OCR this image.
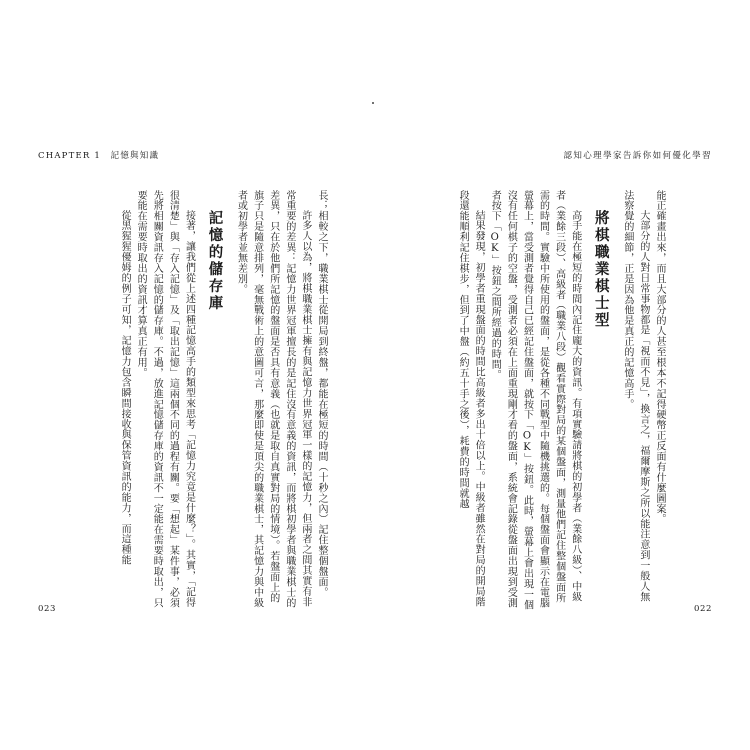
CHAPTER 1　記憶與知識	認知心理學家告訴你如何優化學習

能正確畫出來，而且大部分的人甚至根本不記得硬幣正反面有什麼圖案。

大部分的人對日常事物都是「視而不見」，換言之，福爾摩斯之所以能注意到一般人無法察覺的細節，正是因為他是真正的記憶高手。

將棋職業棋士型

高手能在極短的時間內記住龐大的資訊。有項實驗請將棋的初學者（業餘八級）、中級者（業餘三段）、高級者（職業八段）觀看實際對局的某個盤面，測量他們記住整個盤面所需的時間。實驗中所使用的盤面，是從各種不同戰型中隨機挑選的。每個盤面會顯示在電腦螢幕上，當受測者覺得自己已經記住盤面，就按下「OK」按鈕。此時，螢幕上會出現一個沒有任何棋子的空盤，受測者必須在上面重現剛才看的盤面，系統會記錄從盤面出現到受測者按下「OK」按鈕之間所經過的時間。

結果發現，初學者重現盤面的時間比高級者多出十倍以上。中級者雖然在對局的開局階段還能順利記住棋步，但到了中盤（約五十手之後），耗費的時間就越

長；相較之下，職業棋士從開局到終盤，都能在極短的時間（十秒之內）記住整個盤面。

許多人以為，將棋職業棋士擁有與記憶力世界冠軍一樣的記憶力，但兩者之間其實有非常重要的差異：記憶力世界冠軍擅長的是記住沒有意義的資訊，而將棋初學者與職業棋士的差異，只在於他們所記憶的盤面是否具有意義（也就是取自真實對局的情境）。若盤面上的旗子只是隨意排列，毫無戰術上的意圖可言，那麼即使是頂尖的職業棋士，其記憶力與中級者或初學者並無差別。

記憶的儲存庫

接著，讓我們從上述四種記憶高手的類型來思考「記憶力究竟是什麼？」。其實，「記得很清楚」與「存入記憶」及「取出記憶」這兩個不同的過程有關。要「想起」某件事，必須先將相關資訊存入記憶的儲存庫。不過，放進記憶儲存庫的資訊不一定能在需要時取出，只要能在需要時取出的資訊才算真正有用。

從黑猩猩優姆的例子可知，記憶力包含瞬間接收與保管資訊的能力，而這種能

023	022
